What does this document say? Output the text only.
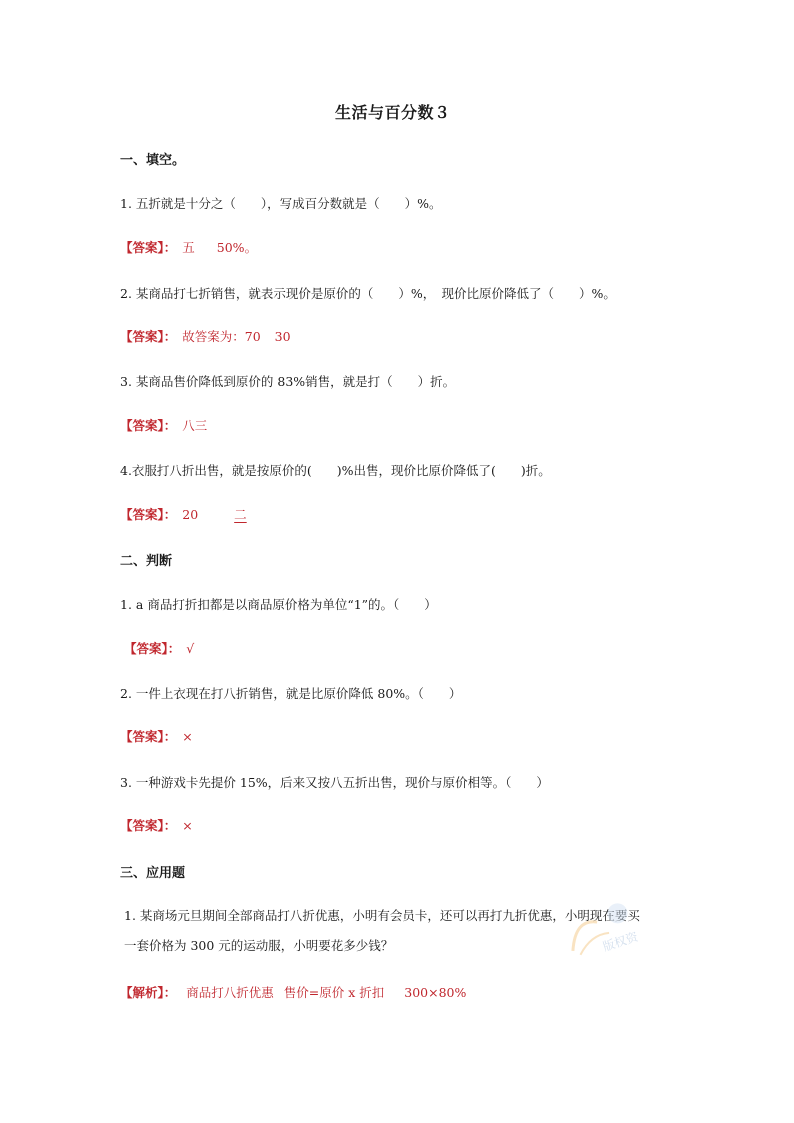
生活与百分数３
一、填空。
1. 五折就是十分之（　　），写成百分数就是（　　）%。
【答案】： 五 50%。
2. 某商品打七折销售，就表示现价是原价的（　　）%，　现价比原价降低了（　　）%。
【答案】： 故答案为：70 30
3. 某商品售价降低到原价的 83%销售，就是打（　　）折。
【答案】： 八三
4.衣服打八折出售，就是按原价的(　　)%出售，现价比原价降低了(　　)折。
【答案】： 20	二
二、判断
1. a 商品打折扣都是以商品原价格为单位“1”的。（　　）
【答案】： √
2. 一件上衣现在打八折销售，就是比原价降低 80%。（　　）
【答案】： ×
3. 一种游戏卡先提价 15%，后来又按八五折出售，现价与原价相等。（　　）
【答案】： ×
三、应用题
1. 某商场元旦期间全部商品打八折优惠，小明有会员卡，还可以再打九折优惠，小明现在要买
一套价格为 300 元的运动服，小明要花多少钱？
【解析】： 商品打八折优惠 售价=原价 x 折扣 300×80%
版权资
